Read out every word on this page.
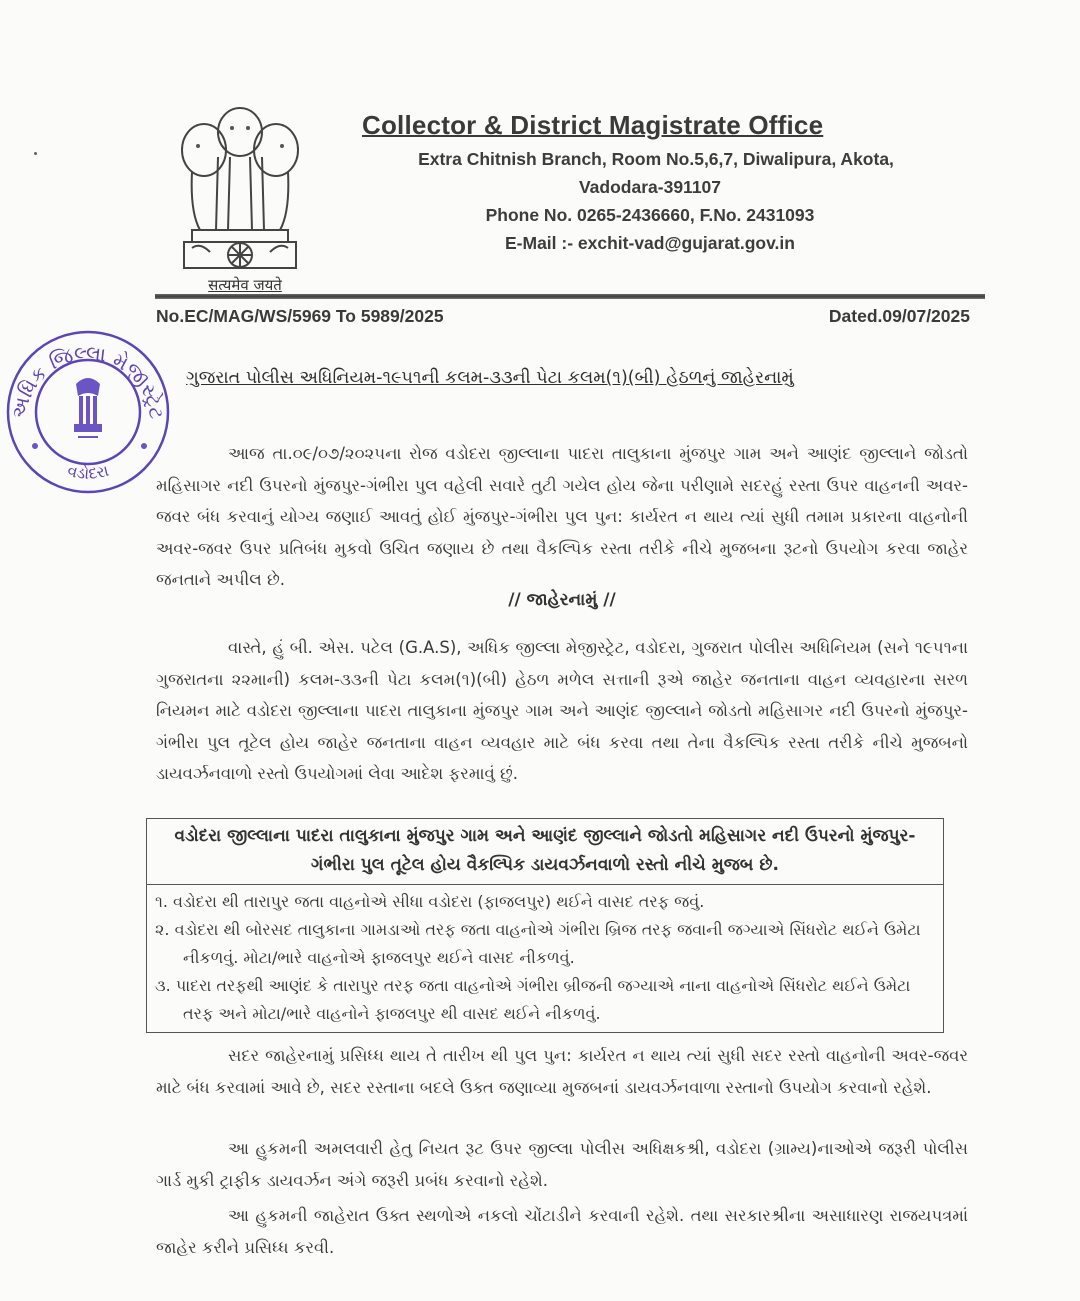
सत्यमेव जयते
Collector & District Magistrate Office
Extra Chitnish Branch, Room No.5,6,7, Diwalipura, Akota,
Vadodara-391107
Phone No. 0265-2436660, F.No. 2431093
E-Mail :- exchit-vad@gujarat.gov.in
No.EC/MAG/WS/5969 To 5989/2025	Dated.09/07/2025
અધિક જિલ્લા મેજીસ્ટ્રેટ
વડોદરા
ગુજરાત પોલીસ અધિનિયમ-૧૯૫૧ની કલમ-૩૩ની પેટા કલમ(૧)(બી) હેઠળનું જાહેરનામું
આજ તા.૦૯/૦૭/૨૦૨૫ના રોજ વડોદરા જીલ્લાના પાદરા તાલુકાના મુંજપુર ગામ અને આણંદ જીલ્લાને જોડતો મહિસાગર નદી ઉપરનો મુંજપુર-ગંભીરા પુલ વહેલી સવારે તુટી ગયેલ હોય જેના પરીણામે સદરહું રસ્તા ઉપર વાહનની અવર-જવર બંધ કરવાનું યોગ્ય જણાઈ આવતું હોઈ મુંજપુર-ગંભીરા પુલ પુન: કાર્યરત ન થાય ત્યાં સુધી તમામ પ્રકારના વાહનોની અવર-જવર ઉપર પ્રતિબંધ મુકવો ઉચિત જણાય છે તથા વૈકલ્પિક રસ્તા તરીકે નીચે મુજબના રૂટનો ઉપયોગ કરવા જાહેર જનતાને અપીલ છે.
// જાહેરનામું //
વાસ્તે, હું બી. એસ. પટેલ (G.A.S), અધિક જીલ્લા મેજીસ્ટ્રેટ, વડોદરા, ગુજરાત પોલીસ અધિનિયમ (સને ૧૯૫૧ના ગુજરાતના ૨૨માની) કલમ-૩૩ની પેટા કલમ(૧)(બી) હેઠળ મળેલ સત્તાની રૂએ જાહેર જનતાના વાહન વ્યવહારના સરળ નિયમન માટે વડોદરા જીલ્લાના પાદરા તાલુકાના મુંજપુર ગામ અને આણંદ જીલ્લાને જોડતો મહિસાગર નદી ઉપરનો મુંજપુર-ગંભીરા પુલ તૂટેલ હોય જાહેર જનતાના વાહન વ્યવહાર માટે બંધ કરવા તથા તેના વૈકલ્પિક રસ્તા તરીકે નીચે મુજબનો ડાયવર્ઝનવાળો રસ્તો ઉપયોગમાં લેવા આદેશ ફરમાવું છું.
વડોદરા જીલ્લાના પાદરા તાલુકાના મુંજપુર ગામ અને આણંદ જીલ્લાને જોડતો મહિસાગર નદી ઉપરનો મુંજપુર-ગંભીરા પુલ તૂટેલ હોય વૈકલ્પિક ડાયવર્ઝનવાળો રસ્તો નીચે મુજબ છે.
૧. વડોદરા થી તારાપુર જતા વાહનોએ સીધા વડોદરા (ફાજલપુર) થઈને વાસદ તરફ જવું.
૨. વડોદરા થી બોરસદ તાલુકાના ગામડાઓ તરફ જતા વાહનોએ ગંભીરા બ્રિજ તરફ જવાની જગ્યાએ સિંધરોટ થઈને ઉમેટા નીકળવું. મોટા/ભારે વાહનોએ ફાજલપુર થઈને વાસદ નીકળવું.
૩. પાદરા તરફથી આણંદ કે તારાપુર તરફ જતા વાહનોએ ગંભીરા બ્રીજની જગ્યાએ નાના વાહનોએ સિંધરોટ થઈને ઉમેટા તરફ અને મોટા/ભારે વાહનોને ફાજલપુર થી વાસદ થઈને નીકળવું.
સદર જાહેરનામું પ્રસિધ્ધ થાય તે તારીખ થી પુલ પુન: કાર્યરત ન થાય ત્યાં સુધી સદર રસ્તો વાહનોની અવર-જવર માટે બંધ કરવામાં આવે છે, સદર રસ્તાના બદલે ઉક્ત જણાવ્યા મુજબનાં ડાયવર્ઝનવાળા રસ્તાનો ઉપયોગ કરવાનો રહેશે.
આ હુકમની અમલવારી હેતુ નિયત રૂટ ઉપર જીલ્લા પોલીસ અધિક્ષકશ્રી, વડોદરા (ગ્રામ્ય)નાઓએ જરૂરી પોલીસ ગાર્ડ મુકી ટ્રાફીક ડાયવર્ઝન અંગે જરૂરી પ્રબંધ કરવાનો રહેશે.
આ હુકમની જાહેરાત ઉક્ત સ્થળોએ નકલો ચોંટાડીને કરવાની રહેશે. તથા સરકારશ્રીના અસાધારણ રાજયપત્રમાં જાહેર કરીને પ્રસિધ્ધ કરવી.
